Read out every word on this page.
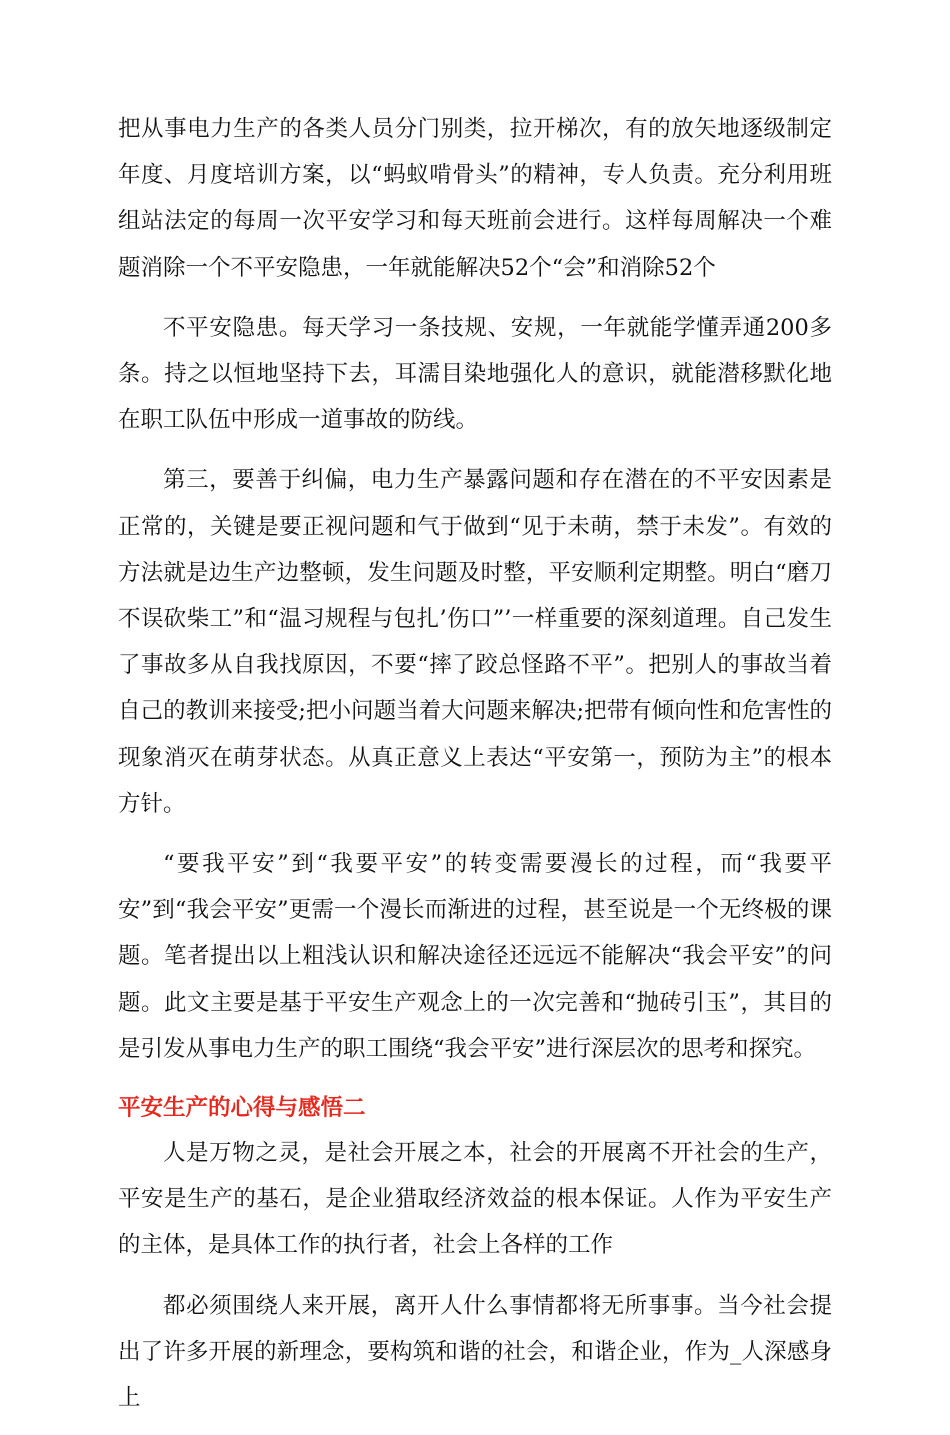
把从事电力生产的各类人员分门别类，拉开梯次，有的放矢地逐级制定年度、月度培训方案，以“蚂蚁啃骨头”的精神，专人负责。充分利用班组站法定的每周一次平安学习和每天班前会进行。这样每周解决一个难题消除一个不平安隐患，一年就能解决52个“会”和消除52个

不平安隐患。每天学习一条技规、安规，一年就能学懂弄通200多条。持之以恒地坚持下去，耳濡目染地强化人的意识，就能潜移默化地在职工队伍中形成一道事故的防线。

第三，要善于纠偏，电力生产暴露问题和存在潜在的不平安因素是正常的，关键是要正视问题和气于做到“见于未萌，禁于未发”。有效的方法就是边生产边整顿，发生问题及时整，平安顺利定期整。明白“磨刀不误砍柴工”和“温习规程与包扎’伤口”’一样重要的深刻道理。自己发生了事故多从自我找原因，不要“摔了跤总怪路不平”。把别人的事故当着自己的教训来接受;把小问题当着大问题来解决;把带有倾向性和危害性的现象消灭在萌芽状态。从真正意义上表达“平安第一，预防为主”的根本方针。

“要我平安”到“我要平安”的转变需要漫长的过程，而“我要平安”到“我会平安”更需一个漫长而渐进的过程，甚至说是一个无终极的课题。笔者提出以上粗浅认识和解决途径还远远不能解决“我会平安”的问题。此文主要是基于平安生产观念上的一次完善和“抛砖引玉”，其目的是引发从事电力生产的职工围绕“我会平安”进行深层次的思考和探究。

平安生产的心得与感悟二

人是万物之灵，是社会开展之本，社会的开展离不开社会的生产，平安是生产的基石，是企业猎取经济效益的根本保证。人作为平安生产的主体，是具体工作的执行者，社会上各样的工作

都必须围绕人来开展，离开人什么事情都将无所事事。当今社会提出了许多开展的新理念，要构筑和谐的社会，和谐企业，作为_人深感身上
